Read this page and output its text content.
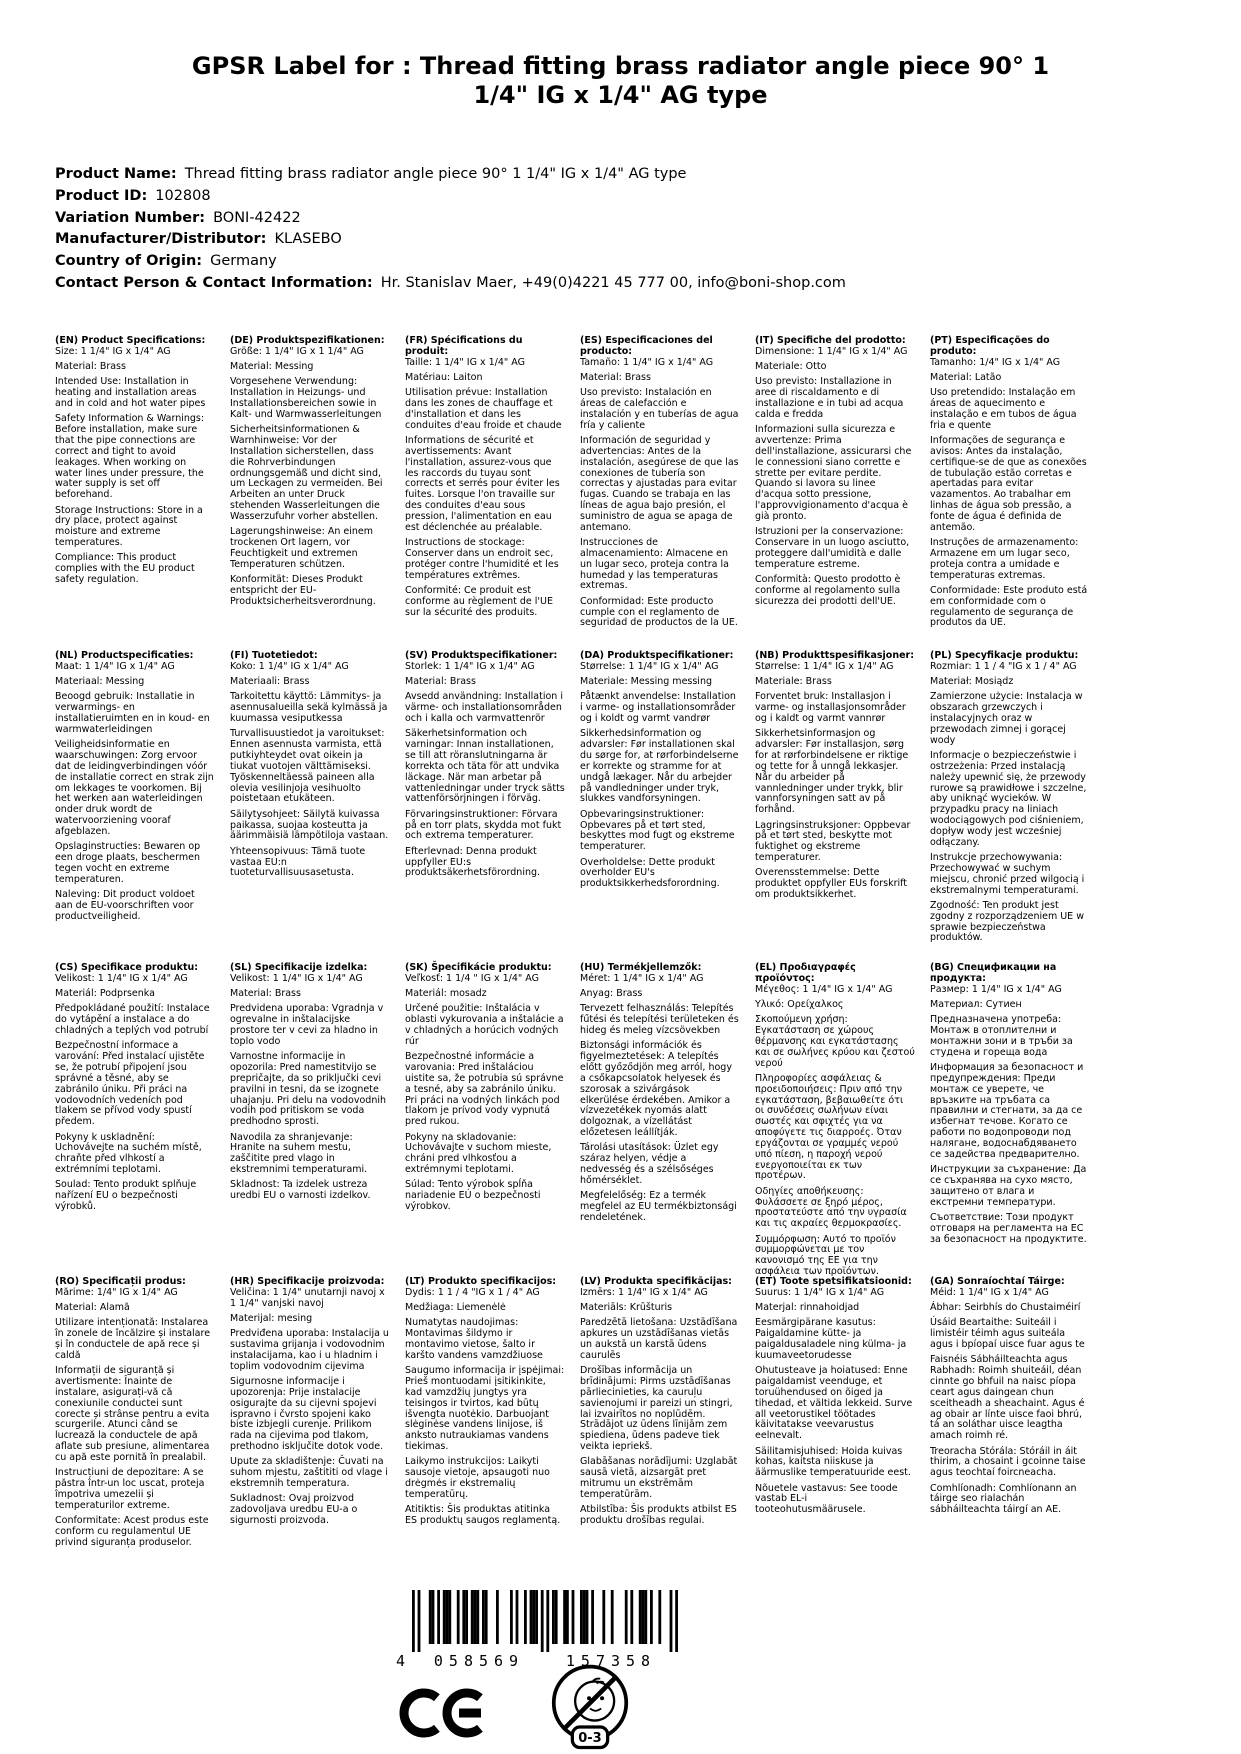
GPSR Label for : Thread fitting brass radiator angle piece 90° 1 1/4" IG x 1/4" AG type
Product Name: Thread fitting brass radiator angle piece 90° 1 1/4" IG x 1/4" AG type
Product ID: 102808
Variation Number: BONI-42422
Manufacturer/Distributor: KLASEBO
Country of Origin: Germany
Contact Person & Contact Information: Hr. Stanislav Maer, +49(0)4221 45 777 00, info@boni-shop.com
(EN) Product Specifications:

Size: 1 1/4" IG x 1/4" AG

Material: Brass

Intended Use: Installation in heating and installation areas and in cold and hot water pipes

Safety Information & Warnings: Before installation, make sure that the pipe connections are correct and tight to avoid leakages. When working on water lines under pressure, the water supply is set off beforehand.

Storage Instructions: Store in a dry place, protect against moisture and extreme temperatures.

Compliance: This product complies with the EU product safety regulation.

(DE) Produktspezifikationen:

Größe: 1 1/4" IG x 1 1/4" AG

Material: Messing

Vorgesehene Verwendung: Installation in Heizungs- und Installationsbereichen sowie in Kalt- und Warmwasserleitungen

Sicherheitsinformationen & Warnhinweise: Vor der Installation sicherstellen, dass die Rohrverbindungen ordnungsgemäß und dicht sind, um Leckagen zu vermeiden. Bei Arbeiten an unter Druck stehenden Wasserleitungen die Wasserzufuhr vorher abstellen.

Lagerungshinweise: An einem trockenen Ort lagern, vor Feuchtigkeit und extremen Temperaturen schützen.

Konformität: Dieses Produkt entspricht der EU-Produktsicherheitsverordnung.

(FR) Spécifications du produit:

Taille: 1 1/4" IG x 1/4" AG

Matériau: Laiton

Utilisation prévue: Installation dans les zones de chauffage et d'installation et dans les conduites d'eau froide et chaude

Informations de sécurité et avertissements: Avant l'installation, assurez-vous que les raccords du tuyau sont corrects et serrés pour éviter les fuites. Lorsque l'on travaille sur des conduites d'eau sous pression, l'alimentation en eau est déclenchée au préalable.

Instructions de stockage: Conserver dans un endroit sec, protéger contre l'humidité et les températures extrêmes.

Conformité: Ce produit est conforme au règlement de l'UE sur la sécurité des produits.

(ES) Especificaciones del producto:

Tamaño: 1 1/4" IG x 1/4" AG

Material: Brass

Uso previsto: Instalación en áreas de calefacción e instalación y en tuberías de agua fría y caliente

Información de seguridad y advertencias: Antes de la instalación, asegúrese de que las conexiones de tubería son correctas y ajustadas para evitar fugas. Cuando se trabaja en las líneas de agua bajo presión, el suministro de agua se apaga de antemano.

Instrucciones de almacenamiento: Almacene en un lugar seco, proteja contra la humedad y las temperaturas extremas.

Conformidad: Este producto cumple con el reglamento de seguridad de productos de la UE.

(IT) Specifiche del prodotto:

Dimensione: 1 1/4" IG x 1/4" AG

Materiale: Otto

Uso previsto: Installazione in aree di riscaldamento e di installazione e in tubi ad acqua calda e fredda

Informazioni sulla sicurezza e avvertenze: Prima dell'installazione, assicurarsi che le connessioni siano corrette e strette per evitare perdite. Quando si lavora su linee d'acqua sotto pressione, l'approvvigionamento d'acqua è già pronto.

Istruzioni per la conservazione: Conservare in un luogo asciutto, proteggere dall'umidità e dalle temperature estreme.

Conformità: Questo prodotto è conforme al regolamento sulla sicurezza dei prodotti dell'UE.

(PT) Especificações do produto:

Tamanho: 1/4" IG x 1/4" AG

Material: Latão

Uso pretendido: Instalação em áreas de aquecimento e instalação e em tubos de água fria e quente

Informações de segurança e avisos: Antes da instalação, certifique-se de que as conexões de tubulação estão corretas e apertadas para evitar vazamentos. Ao trabalhar em linhas de água sob pressão, a fonte de água é definida de antemão.

Instruções de armazenamento: Armazene em um lugar seco, proteja contra a umidade e temperaturas extremas.

Conformidade: Este produto está em conformidade com o regulamento de segurança de produtos da UE.

(NL) Productspecificaties:

Maat: 1 1/4" IG x 1/4" AG

Materiaal: Messing

Beoogd gebruik: Installatie in verwarmings- en installatieruimten en in koud- en warmwaterleidingen

Veiligheidsinformatie en waarschuwingen: Zorg ervoor dat de leidingverbindingen vóór de installatie correct en strak zijn om lekkages te voorkomen. Bij het werken aan waterleidingen onder druk wordt de watervoorziening vooraf afgeblazen.

Opslaginstructies: Bewaren op een droge plaats, beschermen tegen vocht en extreme temperaturen.

Naleving: Dit product voldoet aan de EU-voorschriften voor productveiligheid.

(FI) Tuotetiedot:

Koko: 1 1/4" IG x 1/4" AG

Materiaali: Brass

Tarkoitettu käyttö: Lämmitys- ja asennusalueilla sekä kylmässä ja kuumassa vesiputkessa

Turvallisuustiedot ja varoitukset: Ennen asennusta varmista, että putkiyhteydet ovat oikein ja tiukat vuotojen välttämiseksi. Työskenneltäessä paineen alla olevia vesilinjoja vesihuolto poistetaan etukäteen.

Säilytysohjeet: Säilytä kuivassa paikassa, suojaa kosteutta ja äärimmäisiä lämpötiloja vastaan.

Yhteensopivuus: Tämä tuote vastaa EU:n tuoteturvallisuusasetusta.

(SV) Produktspecifikationer:

Storlek: 1 1/4" IG x 1/4" AG

Material: Brass

Avsedd användning: Installation i värme- och installationsområden och i kalla och varmvattenrör

Säkerhetsinformation och varningar: Innan installationen, se till att röranslutningarna är korrekta och täta för att undvika läckage. När man arbetar på vattenledningar under tryck sätts vattenförsörjningen i förväg.

Förvaringsinstruktioner: Förvara på en torr plats, skydda mot fukt och extrema temperaturer.

Efterlevnad: Denna produkt uppfyller EU:s produktsäkerhetsförordning.

(DA) Produktspecifikationer:

Størrelse: 1 1/4" IG x 1/4" AG

Materiale: Messing messing

Påtænkt anvendelse: Installation i varme- og installationsområder og i koldt og varmt vandrør

Sikkerhedsinformation og advarsler: Før installationen skal du sørge for, at rørforbindelserne er korrekte og stramme for at undgå lækager. Når du arbejder på vandledninger under tryk, slukkes vandforsyningen.

Opbevaringsinstruktioner: Opbevares på et tørt sted, beskyttes mod fugt og ekstreme temperaturer.

Overholdelse: Dette produkt overholder EU's produktsikkerhedsforordning.

(NB) Produkttspesifikasjoner:

Størrelse: 1 1/4" IG x 1/4" AG

Materiale: Brass

Forventet bruk: Installasjon i varme- og installasjonsområder og i kaldt og varmt vannrør

Sikkerhetsinformasjon og advarsler: Før installasjon, sørg for at rørforbindelsene er riktige og tette for å unngå lekkasjer. Når du arbeider på vannledninger under trykk, blir vannforsyningen satt av på forhånd.

Lagringsinstruksjoner: Oppbevar på et tørt sted, beskytte mot fuktighet og ekstreme temperaturer.

Overensstemmelse: Dette produktet oppfyller EUs forskrift om produktsikkerhet.

(PL) Specyfikacje produktu:

Rozmiar: 1 1 / 4 "IG x 1 / 4" AG

Materiał: Mosiądz

Zamierzone użycie: Instalacja w obszarach grzewczych i instalacyjnych oraz w przewodach zimnej i gorącej wody

Informacje o bezpieczeństwie i ostrzeżenia: Przed instalacją należy upewnić się, że przewody rurowe są prawidłowe i szczelne, aby uniknąć wycieków. W przypadku pracy na liniach wodociągowych pod ciśnieniem, dopływ wody jest wcześniej odłączany.

Instrukcje przechowywania: Przechowywać w suchym miejscu, chronić przed wilgocią i ekstremalnymi temperaturami.

Zgodność: Ten produkt jest zgodny z rozporządzeniem UE w sprawie bezpieczeństwa produktów.

(CS) Specifikace produktu:

Velikost: 1 1/4" IG x 1/4" AG

Materiál: Podprsenka

Předpokládané použití: Instalace do vytápění a instalace a do chladných a teplých vod potrubí

Bezpečnostní informace a varování: Před instalací ujistěte se, že potrubí připojení jsou správné a těsné, aby se zabránilo úniku. Při práci na vodovodních vedeních pod tlakem se přívod vody spustí předem.

Pokyny k uskladnění: Uchovávejte na suchém místě, chraňte před vlhkostí a extrémními teplotami.

Soulad: Tento produkt splňuje nařízení EU o bezpečnosti výrobků.

(SL) Specifikacije izdelka:

Velikost: 1 1/4" IG x 1/4" AG

Material: Brass

Predvidena uporaba: Vgradnja v ogrevalne in inštalacijske prostore ter v cevi za hladno in toplo vodo

Varnostne informacije in opozorila: Pred namestitvijo se prepričajte, da so priključki cevi pravilni in tesni, da se izognete uhajanju. Pri delu na vodovodnih vodih pod pritiskom se voda predhodno sprosti.

Navodila za shranjevanje: Hranite na suhem mestu, zaščitite pred vlago in ekstremnimi temperaturami.

Skladnost: Ta izdelek ustreza uredbi EU o varnosti izdelkov.

(SK) Špecifikácie produktu:

Veľkosť: 1 1/4 " IG x 1/4" AG

Materiál: mosadz

Určené použitie: Inštalácia v oblasti vykurovania a inštalácie a v chladných a horúcich vodných rúr

Bezpečnostné informácie a varovania: Pred inštaláciou uistite sa, že potrubia sú správne a tesné, aby sa zabránilo úniku. Pri práci na vodných linkách pod tlakom je prívod vody vypnutá pred rukou.

Pokyny na skladovanie: Uchovávajte v suchom mieste, chráni pred vlhkosťou a extrémnymi teplotami.

Súlad: Tento výrobok spĺňa nariadenie EÚ o bezpečnosti výrobkov.

(HU) Termékjellemzők:

Méret: 1 1/4" IG x 1/4" AG

Anyag: Brass

Tervezett felhasználás: Telepítés fűtési és telepítési területeken és hideg és meleg vízcsövekben

Biztonsági információk és figyelmeztetések: A telepítés előtt győződjön meg arról, hogy a csőkapcsolatok helyesek és szorosak a szivárgások elkerülése érdekében. Amikor a vízvezetékek nyomás alatt dolgoznak, a vízellátást előzetesen leállítják.

Tárolási utasítások: Üzlet egy száraz helyen, védje a nedvesség és a szélsőséges hőmérséklet.

Megfelelőség: Ez a termék megfelel az EU termékbiztonsági rendeletének.

(EL) Προδιαγραφές προϊόντος:

Μέγεθος: 1 1/4" IG x 1/4" AG

Υλικό: Ορείχαλκος

Σκοπούμενη χρήση: Εγκατάσταση σε χώρους θέρμανσης και εγκατάστασης και σε σωλήνες κρύου και ζεστού νερού

Πληροφορίες ασφάλειας & προειδοποιήσεις: Πριν από την εγκατάσταση, βεβαιωθείτε ότι οι συνδέσεις σωλήνων είναι σωστές και σφιχτές για να αποφύγετε τις διαρροές. Όταν εργάζονται σε γραμμές νερού υπό πίεση, η παροχή νερού ενεργοποιείται εκ των προτέρων.

Οδηγίες αποθήκευσης: Φυλάσσετε σε ξηρό μέρος, προστατεύστε από την υγρασία και τις ακραίες θερμοκρασίες.

Συμμόρφωση: Αυτό το προϊόν συμμορφώνεται με τον κανονισμό της ΕΕ για την ασφάλεια των προϊόντων.

(BG) Спецификации на продукта:

Размер: 1 1/4" IG x 1/4" AG

Материал: Сутиен

Предназначена употреба: Монтаж в отоплителни и монтажни зони и в тръби за студена и гореща вода

Информация за безопасност и предупреждения: Преди монтаж се уверете, че връзките на тръбата са правилни и стегнати, за да се избегнат течове. Когато се работи по водопроводи под налягане, водоснабдяването се задейства предварително.

Инструкции за съхранение: Да се съхранява на сухо място, защитено от влага и екстремни температури.

Съответствие: Този продукт отговаря на регламента на ЕС за безопасност на продуктите.

(RO) Specificații produs:

Mărime: 1/4" IG x 1/4" AG

Material: Alamă

Utilizare intenționată: Instalarea în zonele de încălzire și instalare și în conductele de apă rece și caldă

Informații de siguranță și avertismente: Înainte de instalare, asigurați-vă că conexiunile conductei sunt corecte și strânse pentru a evita scurgerile. Atunci când se lucrează la conductele de apă aflate sub presiune, alimentarea cu apă este pornită în prealabil.

Instrucțiuni de depozitare: A se păstra într-un loc uscat, proteja împotriva umezelii și temperaturilor extreme.

Conformitate: Acest produs este conform cu regulamentul UE privind siguranța produselor.

(HR) Specifikacije proizvoda:

Veličina: 1 1/4" unutarnji navoj x 1 1/4" vanjski navoj

Materijal: mesing

Predviđena uporaba: Instalacija u sustavima grijanja i vodovodnim instalacijama, kao i u hladnim i toplim vodovodnim cijevima

Sigurnosne informacije i upozorenja: Prije instalacije osigurajte da su cijevni spojevi ispravno i čvrsto spojeni kako biste izbjegli curenje. Prilikom rada na cijevima pod tlakom, prethodno isključite dotok vode.

Upute za skladištenje: Čuvati na suhom mjestu, zaštititi od vlage i ekstremnih temperatura.

Sukladnost: Ovaj proizvod zadovoljava uredbu EU-a o sigurnosti proizvoda.

(LT) Produkto specifikacijos:

Dydis: 1 1 / 4 "IG x 1 / 4" AG

Medžiaga: Liemenėlė

Numatytas naudojimas: Montavimas šildymo ir montavimo vietose, šalto ir karšto vandens vamzdžiuose

Saugumo informacija ir įspėjimai: Prieš montuodami įsitikinkite, kad vamzdžių jungtys yra teisingos ir tvirtos, kad būtų išvengta nuotėkio. Darbuojant slėginėse vandens linijose, iš anksto nutraukiamas vandens tiekimas.

Laikymo instrukcijos: Laikyti sausoje vietoje, apsaugoti nuo drėgmės ir ekstremalių temperatūrų.

Atitiktis: Šis produktas atitinka ES produktų saugos reglamentą.

(LV) Produkta specifikācijas:

Izmērs: 1 1/4" IG x 1/4" AG

Materiāls: Krūšturis

Paredzētā lietošana: Uzstādīšana apkures un uzstādīšanas vietās un aukstā un karstā ūdens caurulēs

Drošības informācija un brīdinājumi: Pirms uzstādīšanas pārliecinieties, ka cauruļu savienojumi ir pareizi un stingri, lai izvairītos no noplūdēm. Strādājot uz ūdens līnijām zem spiediena, ūdens padeve tiek veikta iepriekš.

Glabāšanas norādījumi: Uzglabāt sausā vietā, aizsargāt pret mitrumu un ekstrēmām temperatūrām.

Atbilstība: Šis produkts atbilst ES produktu drošības regulai.

(ET) Toote spetsifikatsioonid:

Suurus: 1 1/4" IG x 1/4" AG

Materjal: rinnahoidjad

Eesmärgipärane kasutus: Paigaldamine kütte- ja paigaldusaladele ning külma- ja kuumaveetorudesse

Ohutusteave ja hoiatused: Enne paigaldamist veenduge, et toruühendused on õiged ja tihedad, et vältida lekkeid. Surve all veetorustikel töötades käivitatakse veevarustus eelnevalt.

Säilitamisjuhised: Hoida kuivas kohas, kaitsta niiskuse ja äärmuslike temperatuuride eest.

Nõuetele vastavus: See toode vastab EL-i tooteohutusmäärusele.

(GA) Sonraíochtaí Táirge:

Méid: 1 1/4" IG x 1/4" AG

Ábhar: Seirbhís do Chustaiméirí

Úsáid Beartaithe: Suiteáil i limistéir téimh agus suiteála agus i bpíopaí uisce fuar agus te

Faisnéis Sábháilteachta agus Rabhadh: Roimh shuiteáil, déan cinnte go bhfuil na naisc píopa ceart agus daingean chun sceitheadh a sheachaint. Agus é ag obair ar línte uisce faoi bhrú, tá an soláthar uisce leagtha amach roimh ré.

Treoracha Stórála: Stóráil in áit thirim, a chosaint i gcoinne taise agus teochtaí foircneacha.

Comhlíonadh: Comhlíonann an táirge seo rialachán sábháilteachta táirgí an AE.

4 058569	157358
0-3
